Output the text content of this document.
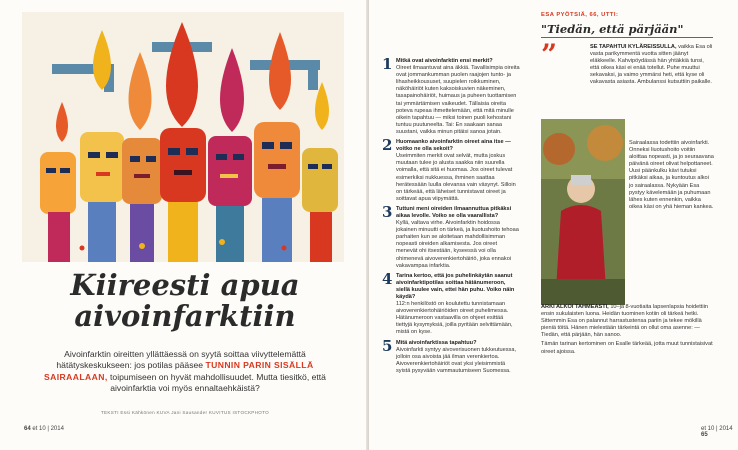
Kiireesti apua
aivoinfarktiin
Aivoinfarktin oireitten yllättäessä on syytä soittaa viivyttelemättä hätätyskeskukseen: jos potilas pääsee TUNNIN PARIN SISÄLLÄ SAIRAALAAN, toipumiseen on hyvät mahdollisuudet. Mutta tiesitkö, että aivoinfarktia voi myös ennaltaehkäistä?
TEKSTI Essi Kähkönen KUVA Jani Sausander KUVITUS ISTOCKPHOTO
64 et 10 | 2014
1 Mitkä ovat aivoinfarktin ensi merkit?
Oireet ilmaantuvat aina äkkiä. Tavallisimpia oireita ovat jommankumman puolen raajojen tunto- ja lihasheikkoususet, suupielen roikkuminen, näköhäiriöt kuten kaksoiskuvien näkeminen, tasapainohäiriöt, huimaus ja puheen tuottamisen tai ymmärtämisen vaikeudet. Tällaisia oireita poteva rupeaa ihmettelemään, että mitä minulle oikein tapahtuu — miksi toinen puoli kehostani tuntuu puutuneelta. Tai: En saakaan sanaa suustani, vaikka minun pitäisi sanoa jotain.
2 Huomaanko aivoinfarktin oireet aina itse — voitko ne olla sekoit?
Useimmiten merkit ovat selvät, mutta joskus muutaan tulee jo alusta saakka niin suurella voimalla, että sitä ei huomaa. Jos oireet tulevat esimerkiksi nukkuessa, ihminen saattaa herätessään luulla olevansa vain väsynyt. Silloin on tärkeää, että läheiset tunnistavat oireet ja soittavat apua viipymättä.
3 Tuttuni meni oireiden ilmaannuttua pitkäksi aikaa levolle. Voiko se olla vaarallista?
Kyllä, valtava virhe. Aivoinfarktin hoidossa jokainen minuutti on tärkeä, ja liuotushoito tehoaa parhaiten kun se aloitetaan mahdollisimman nopeasti oireiden alkamisesta. Jos oireet menevät ohi itsestään, kyseessä voi olla ohimenevä aivoverenkiertohäiriö, joka ennakoi vakavampaa infarktia.
4 Tarina kertoo, että jos puhelinkäytän saanut aivoinfarktipotilas soittaa hätänumeroon, siellä kuulee vain, ettei hän puhu. Voiko näin käydä?
112:n henkilöstö on koulutettu tunnistamaan aivoverenkiertohäiriöiden oireet puhelimessa. Hätänumeroon vastaavilla on ohjeet esittää tiettyjä kysymyksiä, joilla pyritään selvittämään, mistä on kyse.
5 Mitä aivoinfarktissa tapahtuu?
Aivoinfarkti syntyy aivoverisuonen tukkeutuessa, jolloin osa aivoista jää ilman verenkiertoa. Aivoverenkiertohäiriöt ovat yksi yleisimmistä syistä pysyvään vammautumiseen Suomessa.
ESA PYÖTSIÄ, 66, UTTI:
"Tiedän, että pärjään"
”	SE TAPAHTUI KYLÄREISSULLA, vaikka Esa oli vasta parikymmentä vuotta sitten jäänyt eläkkeelle. Kahvipöydässä hän yhtäkkiä tunsi, että oikea käsi ei enää totellut. Puhe muuttui sekavaksi, ja vaimo ymmärsi heti, että kyse oli vakavasta asiasta. Ambulanssi kutsuttiin paikalle.
Sairaalassa todettiin aivoinfarkti. Onneksi liuotushoito voitiin aloittaa nopeasti, ja jo seuraavana päivänä oireet olivat helpottaneet. Uusi päänkulku kävi tutuksi pitkäksi aikaa, ja kuntoutus alkoi jo sairaalassa. Nykyään Esa pystyy kävelemään ja puhumaan lähes kuten ennenkin, vaikka oikea käsi on yhä hieman kankea.
ARKI ALKOI TAHMEASTI, 10–ja 8-vuotiaita lapsenlapsia hoidettiin ensin sukulaisten luona. Heidän tuominen kotiin oli tärkeä hetki. Sittemmin Esa on palannut harrastustensa pariin ja tekee mökillä pieniä töitä. Hänen mielestään tärkeintä on ollut oma asenne: — Tiedän, että pärjään, hän sanoo.
Tämän tarinan kertominen on Esalle tärkeää, jotta muut tunnistaisivat oireet ajoissa.
et 10 | 2014 65
